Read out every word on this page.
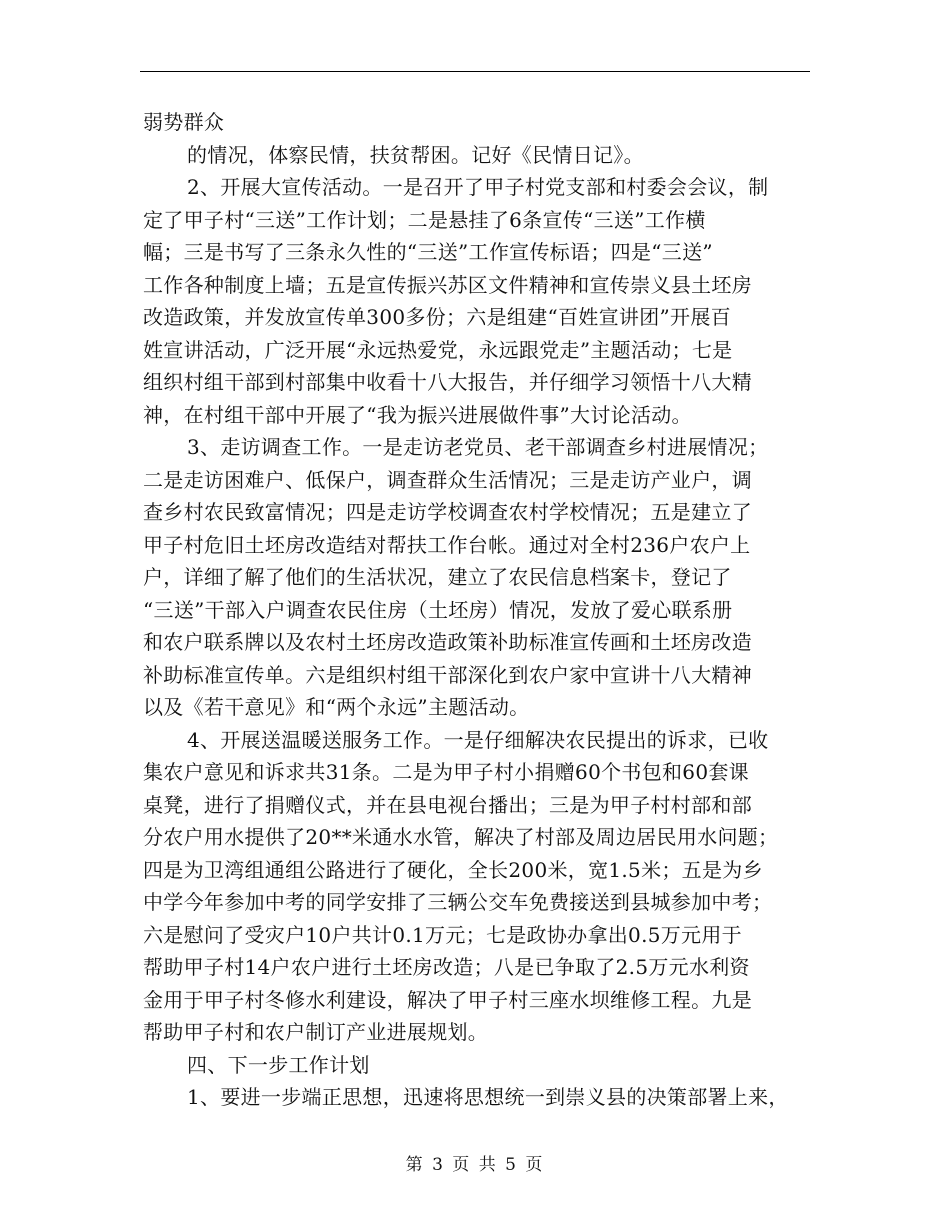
弱势群众
的情况，体察民情，扶贫帮困。记好《民情日记》。
2、开展大宣传活动。一是召开了甲子村党支部和村委会会议，制
定了甲子村“三送”工作计划；二是悬挂了6条宣传“三送”工作横
幅；三是书写了三条永久性的“三送”工作宣传标语；四是“三送”
工作各种制度上墙；五是宣传振兴苏区文件精神和宣传崇义县土坯房
改造政策，并发放宣传单300多份；六是组建“百姓宣讲团”开展百
姓宣讲活动，广泛开展“永远热爱党，永远跟党走”主题活动；七是
组织村组干部到村部集中收看十八大报告，并仔细学习领悟十八大精
神，在村组干部中开展了“我为振兴进展做件事”大讨论活动。
3、走访调查工作。一是走访老党员、老干部调查乡村进展情况；
二是走访困难户、低保户，调查群众生活情况；三是走访产业户，调
查乡村农民致富情况；四是走访学校调查农村学校情况；五是建立了
甲子村危旧土坯房改造结对帮扶工作台帐。通过对全村236户农户上
户，详细了解了他们的生活状况，建立了农民信息档案卡，登记了
“三送”干部入户调查农民住房（土坯房）情况，发放了爱心联系册
和农户联系牌以及农村土坯房改造政策补助标准宣传画和土坯房改造
补助标准宣传单。六是组织村组干部深化到农户家中宣讲十八大精神
以及《若干意见》和“两个永远”主题活动。
4、开展送温暖送服务工作。一是仔细解决农民提出的诉求，已收
集农户意见和诉求共31条。二是为甲子村小捐赠60个书包和60套课
桌凳，进行了捐赠仪式，并在县电视台播出；三是为甲子村村部和部
分农户用水提供了20**米通水水管，解决了村部及周边居民用水问题；
四是为卫湾组通组公路进行了硬化，全长200米，宽1.5米；五是为乡
中学今年参加中考的同学安排了三辆公交车免费接送到县城参加中考；
六是慰问了受灾户10户共计0.1万元；七是政协办拿出0.5万元用于
帮助甲子村14户农户进行土坯房改造；八是已争取了2.5万元水利资
金用于甲子村冬修水利建设，解决了甲子村三座水坝维修工程。九是
帮助甲子村和农户制订产业进展规划。
四、下一步工作计划
1、要进一步端正思想，迅速将思想统一到崇义县的决策部署上来，
第 3 页 共 5 页
